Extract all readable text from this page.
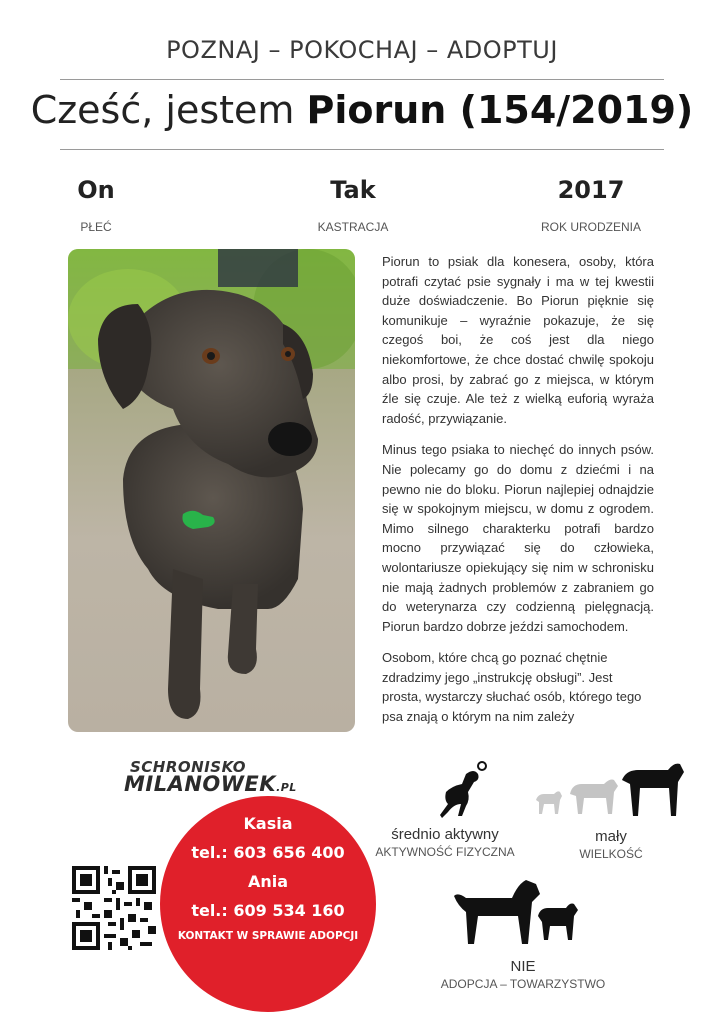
POZNAJ – POKOCHAJ – ADOPTUJ
Cześć, jestem Piorun (154/2019)
On
PŁEĆ
Tak
KASTRACJA
2017
ROK URODZENIA

Piorun to psiak dla konesera, osoby, która potrafi czytać psie sygnały i ma w tej kwestii duże doświadczenie. Bo Piorun pięknie się komunikuje – wyraźnie pokazuje, że się czegoś boi, że coś jest dla niego niekomfortowe, że chce dostać chwilę spokoju albo prosi, by zabrać go z miejsca, w którym źle się czuje. Ale też z wielką euforią wyraża radość, przywiązanie.

Minus tego psiaka to niechęć do innych psów. Nie polecamy go do domu z dziećmi i na pewno nie do bloku. Piorun najlepiej odnajdzie się w spokojnym miejscu, w domu z ogrodem. Mimo silnego charakterku potrafi bardzo mocno przywiązać się do człowieka, wolontariusze opiekujący się nim w schronisku nie mają żadnych problemów z zabraniem go do weterynarza czy codzienną pielęgnacją. Piorun bardzo dobrze jeździ samochodem.

Osobom, które chcą go poznać chętnie zdradzimy jego „instrukcję obsługi”. Jest prosta, wystarczy słuchać osób, którego tego psa znają o którym na nim zależy

SCHRONISKO
MILANOWEK.PL
Kasia
tel.: 603 656 400
Ania
tel.: 609 534 160
KONTAKT W SPRAWIE ADOPCJI
średnio aktywny
AKTYWNOŚĆ FIZYCZNA
mały
WIELKOŚĆ
NIE
ADOPCJA – TOWARZYSTWO
